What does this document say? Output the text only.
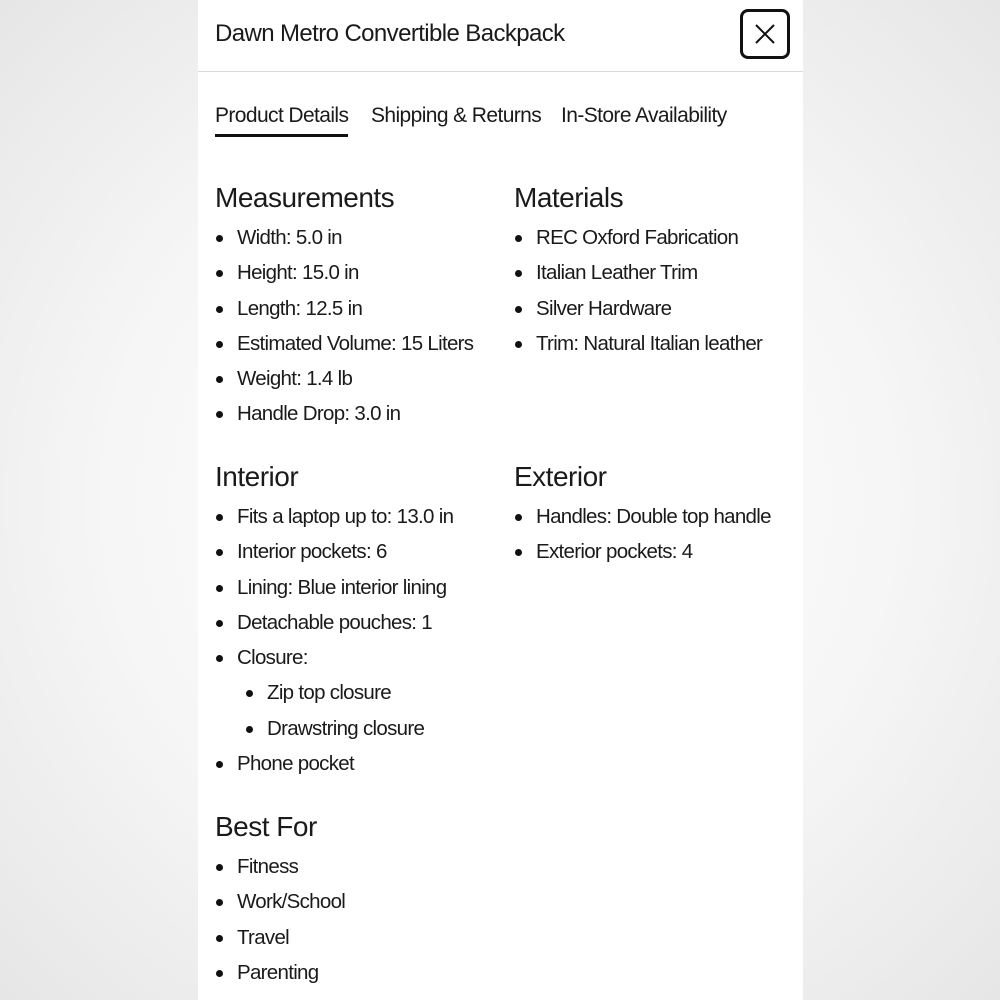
Dawn Metro Convertible Backpack
Product Details Shipping & Returns In-Store Availability
Measurements
Width: 5.0 in
Height: 15.0 in
Length: 12.5 in
Estimated Volume: 15 Liters
Weight: 1.4 lb
Handle Drop: 3.0 in
Materials
REC Oxford Fabrication
Italian Leather Trim
Silver Hardware
Trim: Natural Italian leather
Interior
Fits a laptop up to: 13.0 in
Interior pockets: 6
Lining: Blue interior lining
Detachable pouches: 1
Closure:
Zip top closure
Drawstring closure
Phone pocket
Exterior
Handles: Double top handle
Exterior pockets: 4
Best For
Fitness
Work/School
Travel
Parenting
